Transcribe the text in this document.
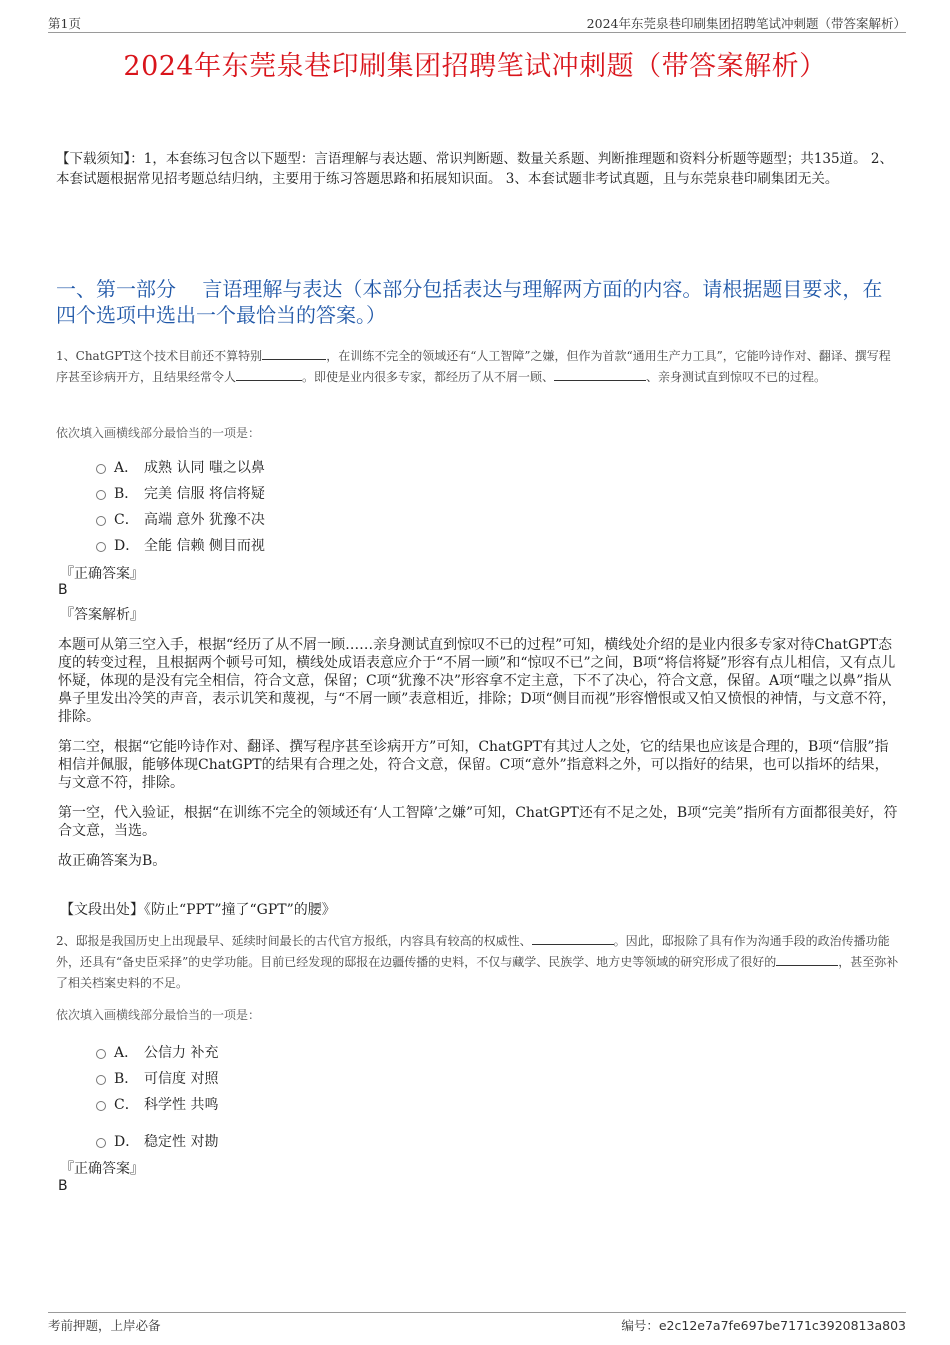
第1页	2024年东莞泉巷印刷集团招聘笔试冲刺题（带答案解析）
2024年东莞泉巷印刷集团招聘笔试冲刺题（带答案解析）
【下载须知】：1，本套练习包含以下题型：言语理解与表达题、常识判断题、数量关系题、判断推理题和资料分析题等题型；共135道。 2、本套试题根据常见招考题总结归纳，主要用于练习答题思路和拓展知识面。 3、本套试题非考试真题，且与东莞泉巷印刷集团无关。
一、第一部分　 言语理解与表达（本部分包括表达与理解两方面的内容。请根据题目要求，在四个选项中选出一个最恰当的答案。）
1、ChatGPT这个技术目前还不算特别	，在训练不完全的领域还有“人工智障”之嫌，但作为首款“通用生产力工具”，它能吟诗作对、翻译、撰写程序甚至诊病开方，且结果经常令人	。即使是业内很多专家，都经历了从不屑一顾、	、亲身测试直到惊叹不已的过程。
依次填入画横线部分最恰当的一项是：
A． 成熟 认同 嗤之以鼻
B． 完美 信服 将信将疑
C． 高端 意外 犹豫不决
D． 全能 信赖 侧目而视
『正确答案』
B
『答案解析』

本题可从第三空入手，根据“经历了从不屑一顾……亲身测试直到惊叹不已的过程”可知，横线处介绍的是业内很多专家对待ChatGPT态度的转变过程，且根据两个顿号可知，横线处成语表意应介于“不屑一顾”和“惊叹不已”之间，B项“将信将疑”形容有点儿相信，又有点儿怀疑，体现的是没有完全相信，符合文意，保留；C项“犹豫不决”形容拿不定主意，下不了决心，符合文意，保留。A项“嗤之以鼻”指从鼻子里发出冷笑的声音，表示讥笑和蔑视，与“不屑一顾”表意相近，排除；D项“侧目而视”形容憎恨或又怕又愤恨的神情，与文意不符，排除。

第二空，根据“它能吟诗作对、翻译、撰写程序甚至诊病开方”可知，ChatGPT有其过人之处，它的结果也应该是合理的，B项“信服”指相信并佩服，能够体现ChatGPT的结果有合理之处，符合文意，保留。C项“意外”指意料之外，可以指好的结果，也可以指坏的结果，与文意不符，排除。

第一空，代入验证，根据“在训练不完全的领域还有‘人工智障’之嫌”可知，ChatGPT还有不足之处，B项“完美”指所有方面都很美好，符合文意，当选。

故正确答案为B。

【文段出处】《防止“PPT”撞了“GPT”的腰》
2、邸报是我国历史上出现最早、延续时间最长的古代官方报纸，内容具有较高的权威性、	。因此，邸报除了具有作为沟通手段的政治传播功能外，还具有“备史臣采择”的史学功能。目前已经发现的邸报在边疆传播的史料，不仅与藏学、民族学、地方史等领域的研究形成了很好的	，甚至弥补了相关档案史料的不足。
依次填入画横线部分最恰当的一项是：
A． 公信力 补充
B． 可信度 对照
C． 科学性 共鸣
D． 稳定性 对勘
『正确答案』
B
考前押题，上岸必备	编号：e2c12e7a7fe697be7171c3920813a803
